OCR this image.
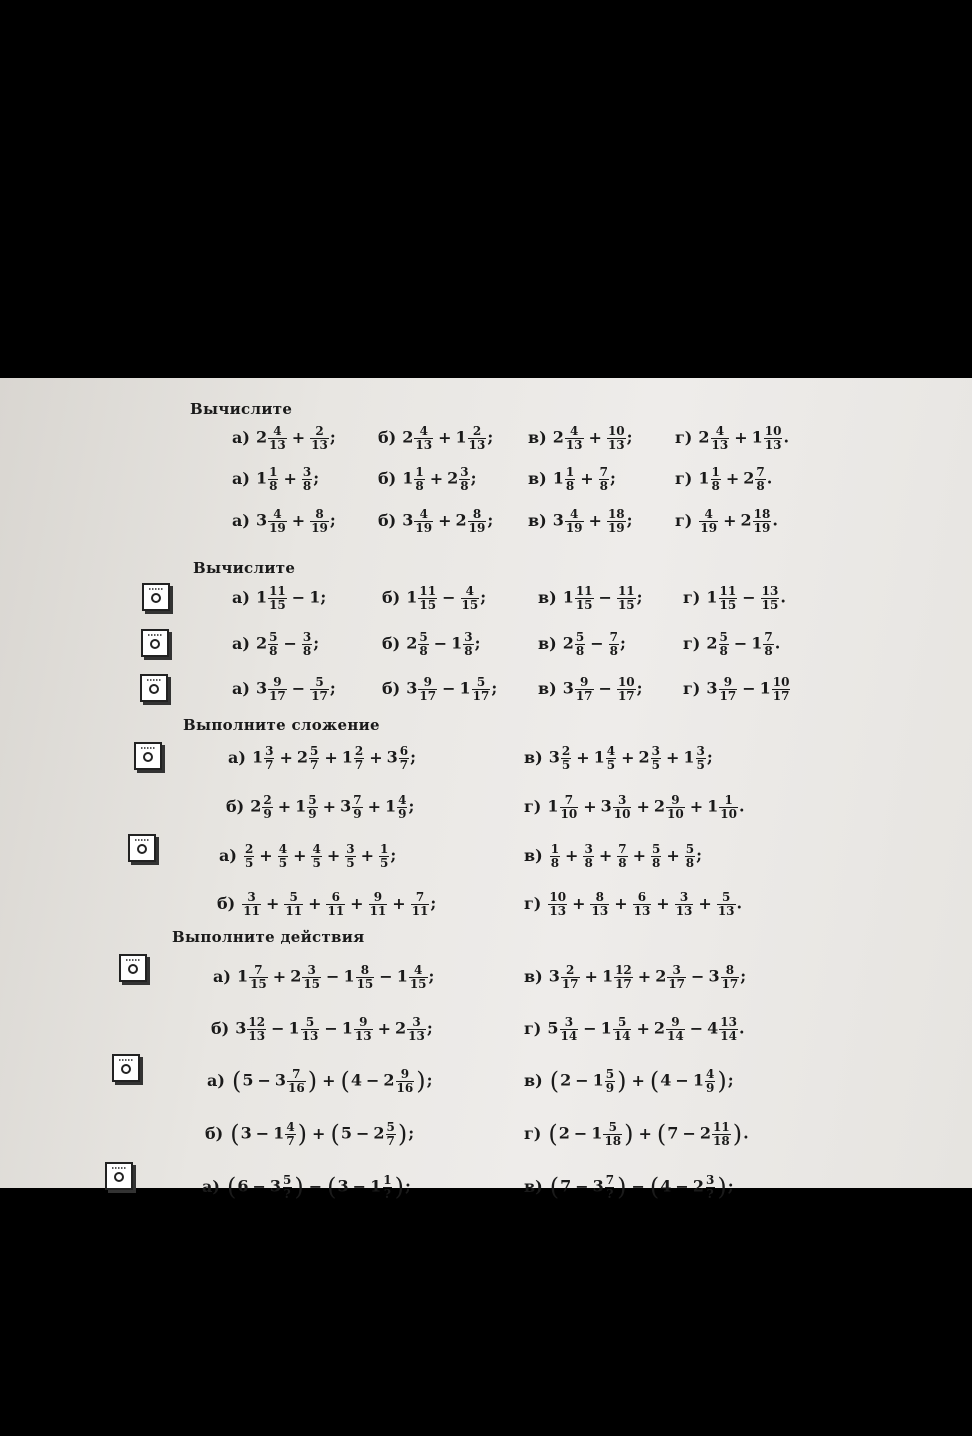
Вычислите
Вычислите
Выполните сложение
Выполните действия
а) $2 \frac{4}{13} + \frac{2}{13}$ ;	б) $2 \frac{4}{13} + 1 \frac{2}{13}$ ; в) $2 \frac{4}{13} + \frac{10}{13}$ ;	г) $2 \frac{4}{13} + 1 \frac{10}{13}$ .
а) $1 \frac{1}{8} + \frac{3}{8}$ ;	б) $1 \frac{1}{8} + 2 \frac{3}{8}$ ;	в) $1 \frac{1}{8} + \frac{7}{8}$ ;	г) $1 \frac{1}{8} + 2 \frac{7}{8}$ .
а) $3 \frac{4}{19} + \frac{8}{19}$ ;	б) $3 \frac{4}{19} + 2 \frac{8}{19}$ ; в) $3 \frac{4}{19} + \frac{18}{19}$ ;	$г) \frac{4}{19} + 2 \frac{18}{19}$ .
а) $1 \frac{11}{15} - 1$;	б) $1 \frac{11}{15} - \frac{4}{15}$ ;	в) $1 \frac{11}{15} - \frac{11}{15}$ ;	г) $1 \frac{11}{15} - \frac{13}{15}$ .
а) $2 \frac{5}{8} - \frac{3}{8}$ ;	б) $2 \frac{5}{8} - 1 \frac{3}{8}$ ;	в) $2 \frac{5}{8} - \frac{7}{8}$ ;	г) $2 \frac{5}{8} - 1 \frac{7}{8}$ .
а) $3 \frac{9}{17} - \frac{5}{17}$ ;	б) $3 \frac{9}{17} - 1 \frac{5}{17}$ ;	в) $3 \frac{9}{17} - \frac{10}{17}$ ;	г) $3 \frac{9}{17} - 1 \frac{10}{17}$
а) $1 \frac{3}{7} + 2 \frac{5}{7} + 1 \frac{2}{7} + 3 \frac{6}{7}$ ;	в) $3 \frac{2}{5} + 1 \frac{4}{5} + 2 \frac{3}{5} + 1 \frac{3}{5}$ ;
б) $2 \frac{2}{9} + 1 \frac{5}{9} + 3 \frac{7}{9} + 1 \frac{4}{9}$ ;	г) $1 \frac{7}{10} + 3 \frac{3}{10} + 2 \frac{9}{10} + 1 \frac{1}{10}$ .
$а) \frac{2}{5} + \frac{4}{5} + \frac{4}{5} + \frac{3}{5} + \frac{1}{5}$ ;	$в) \frac{1}{8} + \frac{3}{8} + \frac{7}{8} + \frac{5}{8} + \frac{5}{8}$ ;
$б) \frac{3}{11} + \frac{5}{11} + \frac{6}{11} + \frac{9}{11} + \frac{7}{11}$ ;	$г) \frac{10}{13} + \frac{8}{13} + \frac{6}{13} + \frac{3}{13} + \frac{5}{13}$ .
а) $1 \frac{7}{15} + 2 \frac{3}{15} - 1 \frac{8}{15} - 1 \frac{4}{15}$ ;	в) $3 \frac{2}{17} + 1 \frac{12}{17} + 2 \frac{3}{17} - 3 \frac{8}{17}$ ;
б) $3 \frac{12}{13} - 1 \frac{5}{13} - 1 \frac{9}{13} + 2 \frac{3}{13}$ ;	г) $5 \frac{3}{14} - 1 \frac{5}{14} + 2 \frac{9}{14} - 4 \frac{13}{14}$ .
а) ($5 - 3 \frac{7}{16}$ ) + ($4 - 2 \frac{9}{16}$ );	в) ($2 - 1 \frac{5}{9}$ ) + ($4 - 1 \frac{4}{9}$ );
б) ($3 - 1 \frac{4}{7}$ ) + ($5 - 2 \frac{5}{7}$ );	г) ($2 - 1 \frac{5}{18}$ ) + ($7 - 2 \frac{11}{18}$ ).
а) ($6 - 3 \frac{5}{?}$ ) − ($3 - 1 \frac{1}{?}$ );	в) ($7 - 3 \frac{7}{?}$ ) − ($4 - 2 \frac{3}{?}$ );
